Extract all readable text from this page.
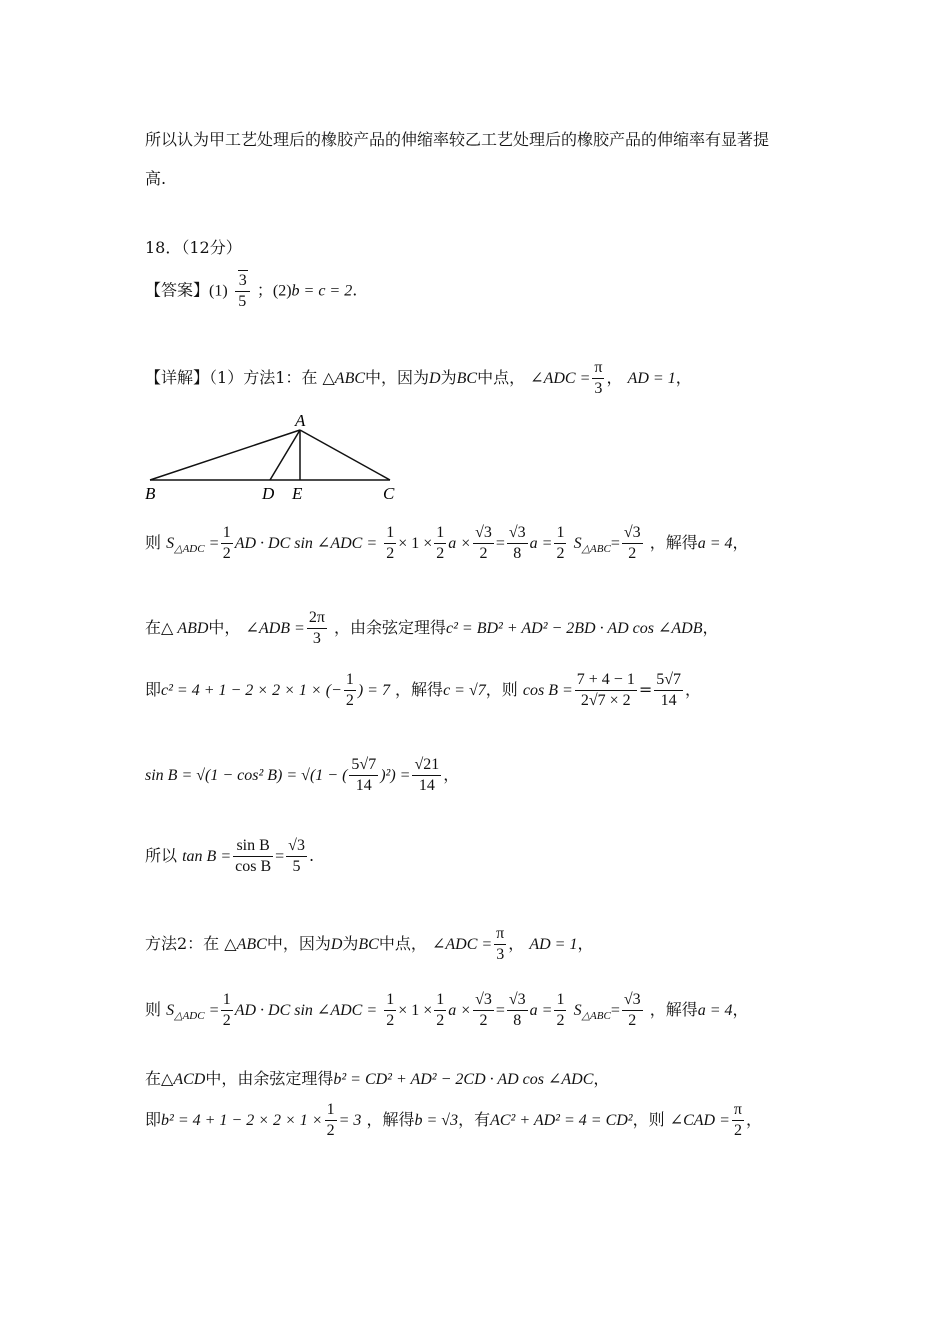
所以认为甲工艺处理后的橡胶产品的伸缩率较乙工艺处理后的橡胶产品的伸缩率有显著提
高.
18．（12分）
【答案】$(1) \frac{3}{5}$ ；(2)b = c = 2.
【详解】（1）方法1：在 △ABC中，因为D为BC中点， ∠ADC = $\frac{\pi}{3}$ ， AD = 1，
A
B	D E	C
则 $S_{\triangle ADC} = \frac{1}{2}$ AD · DC sin ∠ADC = $\frac{1}{2} \times 1 \times \frac{1}{2}$ $a \times \frac{√3}{2} = \frac{√3}{8}$ $a = \frac{1}{2} S_{\triangle ABC}= \frac{√3}{2}$ ，解得a = 4，
在△ ABD中， ∠ADB = $\frac{2\pi}{3}$ ，由余弦定理得c² = BD² + AD² − 2BD · AD cos ∠ADB，
即c² = 4 + 1 − 2 × 2 × 1 × (− $\frac{1}{2}$ ) = 7 ，解得c = √7，则 $\cos B = \frac{7 + 4 - 1}{2√7 \times 2} = \frac{5√7}{14}$ ，
sin B = √(1 − cos² B) = √(1 − ( $\frac{5√7}{14} )^2) = \frac{√21}{14}$ ，
所以 $\tan B = \frac{\text{sin B}}{\text{cos B}} = \frac{√3}{5}$ .
方法2：在 △ABC中，因为D为BC中点， ∠ADC = $\frac{\pi}{3}$ ， AD = 1，
则 $S_{\triangle ADC} = \frac{1}{2}$ AD · DC sin ∠ADC = $\frac{1}{2} \times 1 \times \frac{1}{2}$ $a \times \frac{√3}{2} = \frac{√3}{8}$ $a = \frac{1}{2} S_{\triangle ABC}= \frac{√3}{2}$ ，解得a = 4，
在△ACD中，由余弦定理得b² = CD² + AD² − 2CD · AD cos ∠ADC，
即$b^2 = 4 + 1 - 2 \times 2 \times 1 \times \frac{1}{2} = 3$ ，解得b = √3，有AC² + AD² = 4 = CD²，则 ∠CAD = $\frac{\pi}{2}$ ，
